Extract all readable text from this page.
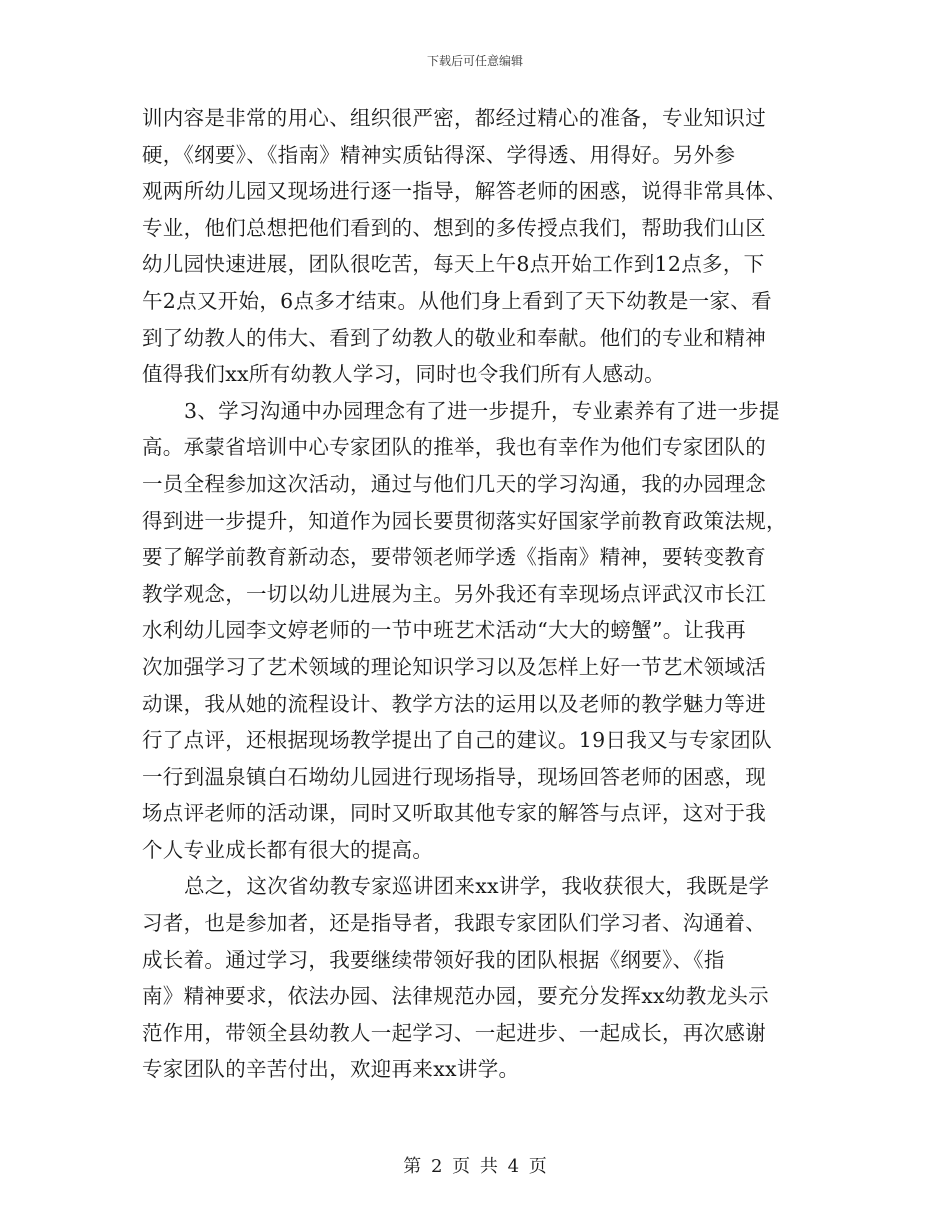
下载后可任意编辑
训内容是非常的用心、组织很严密，都经过精心的准备，专业知识过
硬，《纲要》、《指南》精神实质钻得深、学得透、用得好。另外参
观两所幼儿园又现场进行逐一指导，解答老师的困惑，说得非常具体、
专业，他们总想把他们看到的、想到的多传授点我们，帮助我们山区
幼儿园快速进展，团队很吃苦，每天上午8点开始工作到12点多，下
午2点又开始，6点多才结束。从他们身上看到了天下幼教是一家、看
到了幼教人的伟大、看到了幼教人的敬业和奉献。他们的专业和精神
值得我们xx所有幼教人学习，同时也令我们所有人感动。
3、学习沟通中办园理念有了进一步提升，专业素养有了进一步提
高。承蒙省培训中心专家团队的推举，我也有幸作为他们专家团队的
一员全程参加这次活动，通过与他们几天的学习沟通，我的办园理念
得到进一步提升，知道作为园长要贯彻落实好国家学前教育政策法规，
要了解学前教育新动态，要带领老师学透《指南》精神，要转变教育
教学观念，一切以幼儿进展为主。另外我还有幸现场点评武汉市长江
水利幼儿园李文婷老师的一节中班艺术活动“大大的螃蟹”。让我再
次加强学习了艺术领域的理论知识学习以及怎样上好一节艺术领域活
动课，我从她的流程设计、教学方法的运用以及老师的教学魅力等进
行了点评，还根据现场教学提出了自己的建议。19日我又与专家团队
一行到温泉镇白石坳幼儿园进行现场指导，现场回答老师的困惑，现
场点评老师的活动课，同时又听取其他专家的解答与点评，这对于我
个人专业成长都有很大的提高。
总之，这次省幼教专家巡讲团来xx讲学，我收获很大，我既是学
习者，也是参加者，还是指导者，我跟专家团队们学习者、沟通着、
成长着。通过学习，我要继续带领好我的团队根据《纲要》、《指
南》精神要求，依法办园、法律规范办园，要充分发挥xx幼教龙头示
范作用，带领全县幼教人一起学习、一起进步、一起成长，再次感谢
专家团队的辛苦付出，欢迎再来xx讲学。
第 2 页 共 4 页
